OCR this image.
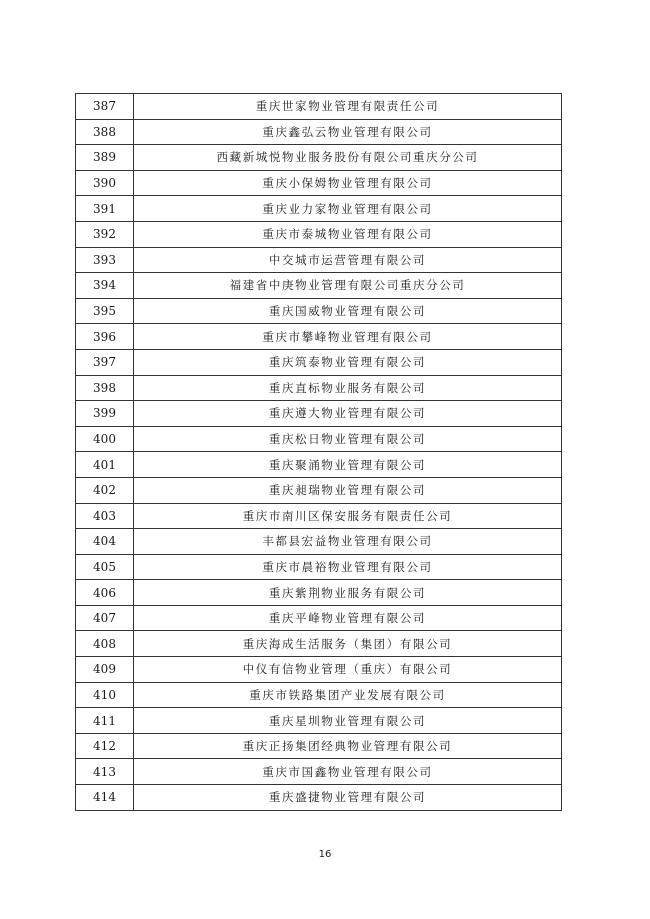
387	重庆世家物业管理有限责任公司
388	重庆鑫弘云物业管理有限公司
389	西藏新城悦物业服务股份有限公司重庆分公司
390	重庆小保姆物业管理有限公司
391	重庆业力家物业管理有限公司
392	重庆市泰城物业管理有限公司
393	中交城市运营管理有限公司
394	福建省中庚物业管理有限公司重庆分公司
395	重庆国威物业管理有限公司
396	重庆市攀峰物业管理有限公司
397	重庆筑泰物业管理有限公司
398	重庆直标物业服务有限公司
399	重庆遵大物业管理有限公司
400	重庆松日物业管理有限公司
401	重庆聚涌物业管理有限公司
402	重庆昶瑞物业管理有限公司
403	重庆市南川区保安服务有限责任公司
404	丰都县宏益物业管理有限公司
405	重庆市晨裕物业管理有限公司
406	重庆紫荆物业服务有限公司
407	重庆平峰物业管理有限公司
408	重庆海成生活服务（集团）有限公司
409	中仪有信物业管理（重庆）有限公司
410	重庆市铁路集团产业发展有限公司
411	重庆星圳物业管理有限公司
412	重庆正扬集团经典物业管理有限公司
413	重庆市国鑫物业管理有限公司
414	重庆盛捷物业管理有限公司
16
